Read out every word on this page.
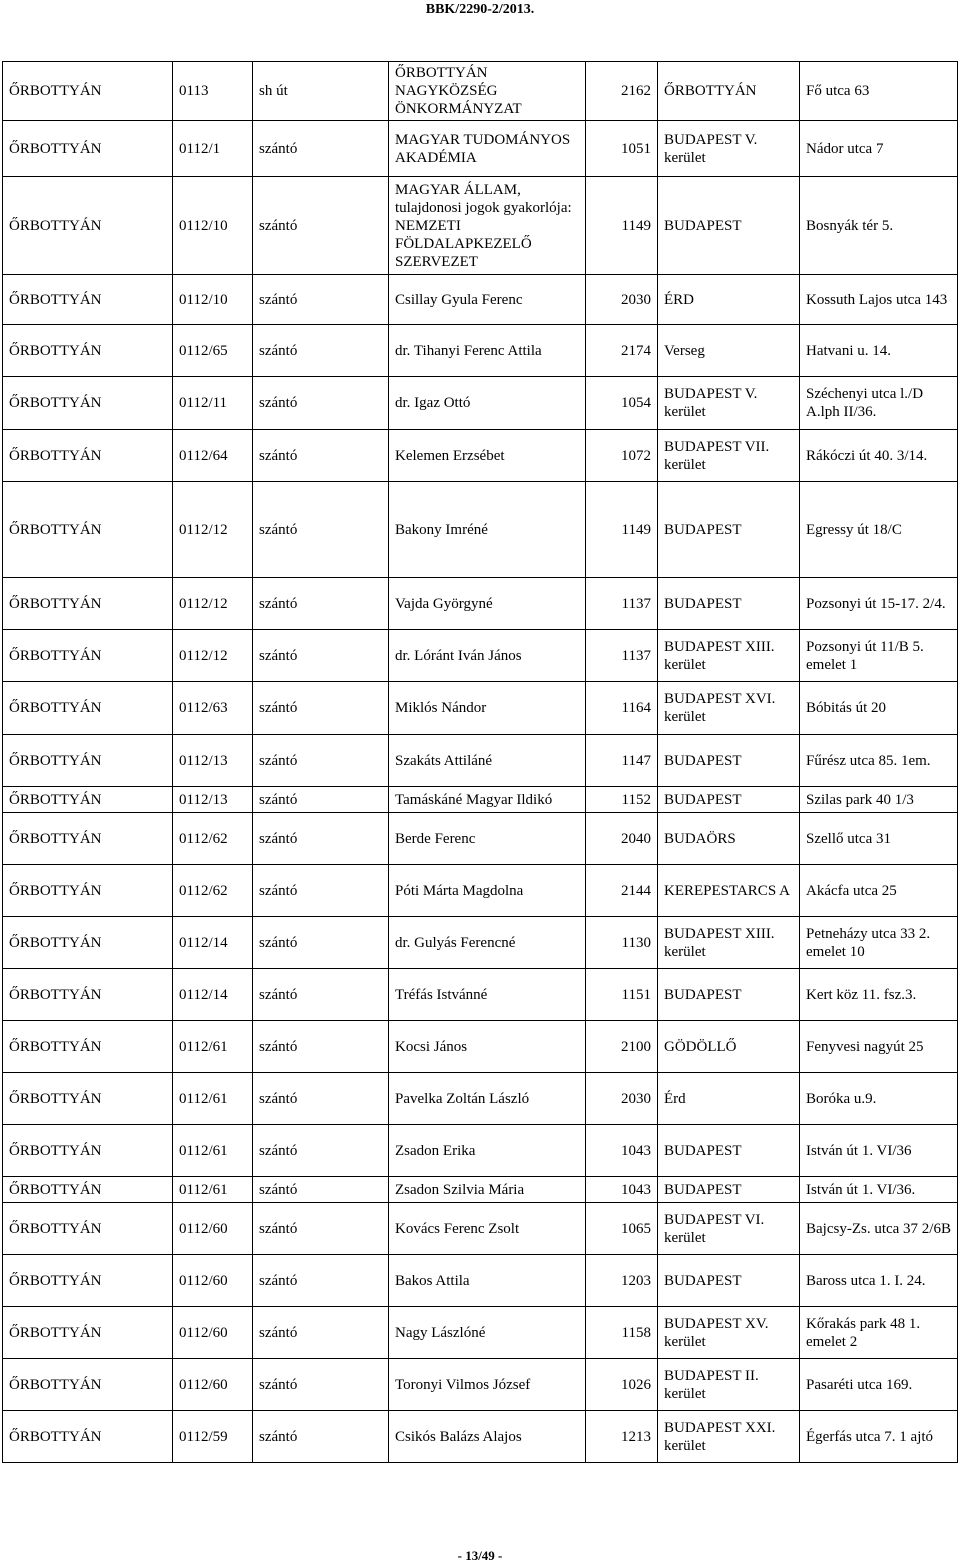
BBK/2290-2/2013.
ŐRBOTTYÁN	0113	sh út	ŐRBOTTYÁN NAGYKÖZSÉG ÖNKORMÁNYZAT	2162	ŐRBOTTYÁN	Fő utca 63
ŐRBOTTYÁN	0112/1	szántó	MAGYAR TUDOMÁNYOS AKADÉMIA	1051	BUDAPEST V. kerület	Nádor utca 7
ŐRBOTTYÁN	0112/10	szántó	MAGYAR ÁLLAM, tulajdonosi jogok gyakorlója: NEMZETI FÖLDALAPKEZELŐ SZERVEZET	1149	BUDAPEST	Bosnyák tér 5.
ŐRBOTTYÁN	0112/10	szántó	Csillay Gyula Ferenc	2030	ÉRD	Kossuth Lajos utca 143
ŐRBOTTYÁN	0112/65	szántó	dr. Tihanyi Ferenc Attila	2174	Verseg	Hatvani u. 14.
ŐRBOTTYÁN	0112/11	szántó	dr. Igaz Ottó	1054	BUDAPEST V. kerület	Széchenyi utca l./D A.lph II/36.
ŐRBOTTYÁN	0112/64	szántó	Kelemen Erzsébet	1072	BUDAPEST VII. kerület	Rákóczi út 40. 3/14.
ŐRBOTTYÁN	0112/12	szántó	Bakony Imréné	1149	BUDAPEST	Egressy út 18/C
ŐRBOTTYÁN	0112/12	szántó	Vajda Györgyné	1137	BUDAPEST	Pozsonyi út 15-17. 2/4.
ŐRBOTTYÁN	0112/12	szántó	dr. Lóránt Iván János	1137	BUDAPEST XIII. kerület	Pozsonyi út 11/B 5. emelet 1
ŐRBOTTYÁN	0112/63	szántó	Miklós Nándor	1164	BUDAPEST XVI. kerület	Bóbitás út 20
ŐRBOTTYÁN	0112/13	szántó	Szakáts Attiláné	1147	BUDAPEST	Fűrész utca 85. 1em.
ŐRBOTTYÁN	0112/13	szántó	Tamáskáné Magyar Ildikó	1152	BUDAPEST	Szilas park 40 1/3
ŐRBOTTYÁN	0112/62	szántó	Berde Ferenc	2040	BUDAÖRS	Szellő utca 31
ŐRBOTTYÁN	0112/62	szántó	Póti Márta Magdolna	2144	KEREPESTARCS A	Akácfa utca 25
ŐRBOTTYÁN	0112/14	szántó	dr. Gulyás Ferencné	1130	BUDAPEST XIII. kerület	Petneházy utca 33 2. emelet 10
ŐRBOTTYÁN	0112/14	szántó	Tréfás Istvánné	1151	BUDAPEST	Kert köz 11. fsz.3.
ŐRBOTTYÁN	0112/61	szántó	Kocsi János	2100	GÖDÖLLŐ	Fenyvesi nagyút 25
ŐRBOTTYÁN	0112/61	szántó	Pavelka Zoltán László	2030	Érd	Boróka u.9.
ŐRBOTTYÁN	0112/61	szántó	Zsadon Erika	1043	BUDAPEST	István út 1. VI/36
ŐRBOTTYÁN	0112/61	szántó	Zsadon Szilvia Mária	1043	BUDAPEST	István út 1. VI/36.
ŐRBOTTYÁN	0112/60	szántó	Kovács Ferenc Zsolt	1065	BUDAPEST VI. kerület	Bajcsy-Zs. utca 37 2/6B
ŐRBOTTYÁN	0112/60	szántó	Bakos Attila	1203	BUDAPEST	Baross utca 1. I. 24.
ŐRBOTTYÁN	0112/60	szántó	Nagy Lászlóné	1158	BUDAPEST XV. kerület	Kőrakás park 48 1. emelet 2
ŐRBOTTYÁN	0112/60	szántó	Toronyi Vilmos József	1026	BUDAPEST II. kerület	Pasaréti utca 169.
ŐRBOTTYÁN	0112/59	szántó	Csikós Balázs Alajos	1213	BUDAPEST XXI. kerület	Égerfás utca 7. 1 ajtó
- 13/49 -
